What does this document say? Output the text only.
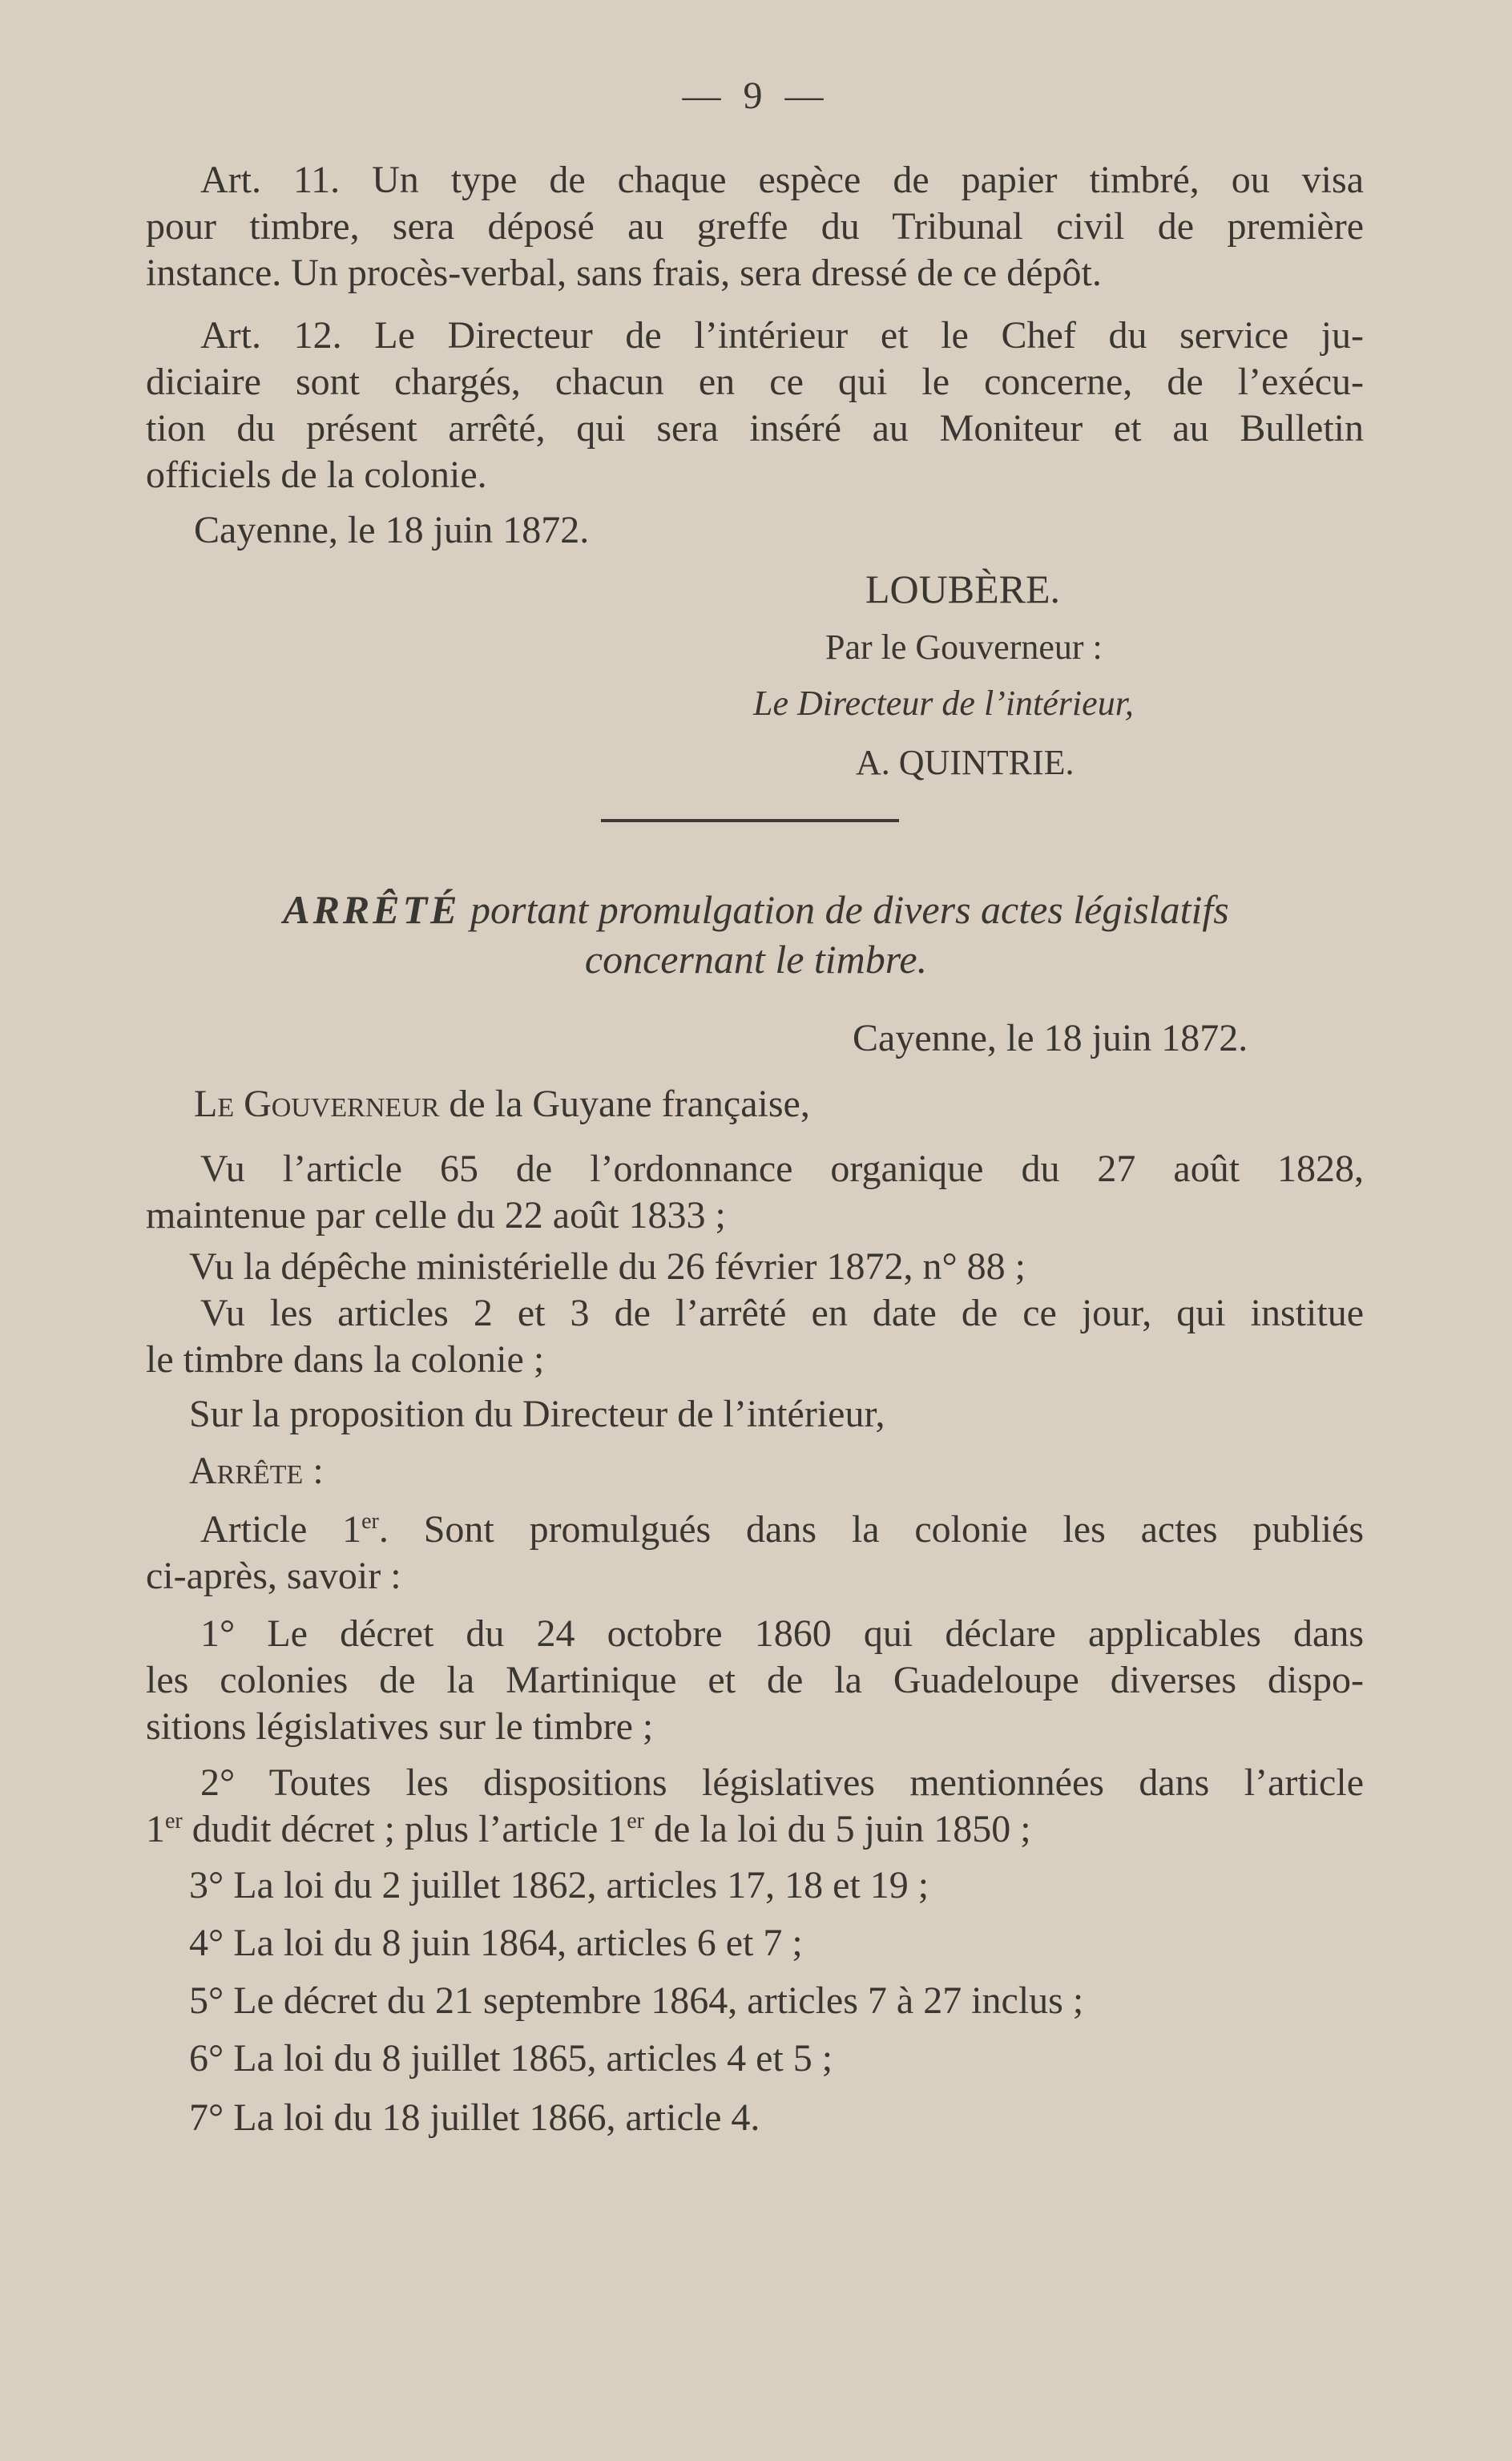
— 9 —
Art. 11. Un type de chaque espèce de papier timbré, ou visa
pour timbre, sera déposé au greffe du Tribunal civil de première
instance. Un procès-verbal, sans frais, sera dressé de ce dépôt.
Art. 12. Le Directeur de l’intérieur et le Chef du service ju-
diciaire sont chargés, chacun en ce qui le concerne, de l’exécu-
tion du présent arrêté, qui sera inséré au Moniteur et au Bulletin
officiels de la colonie.
Cayenne, le 18 juin 1872.
LOUBÈRE.
Par le Gouverneur :
Le Directeur de l’intérieur,
A. QUINTRIE.
ARRÊTÉ portant promulgation de divers actes législatifs
concernant le timbre.
Cayenne, le 18 juin 1872.
Le Gouverneur de la Guyane française,
Vu l’article 65 de l’ordonnance organique du 27 août 1828,
maintenue par celle du 22 août 1833 ;
Vu la dépêche ministérielle du 26 février 1872, n° 88 ;
Vu les articles 2 et 3 de l’arrêté en date de ce jour, qui institue
le timbre dans la colonie ;
Sur la proposition du Directeur de l’intérieur,
Arrête :
Article 1er. Sont promulgués dans la colonie les actes publiés
ci-après, savoir :
1° Le décret du 24 octobre 1860 qui déclare applicables dans
les colonies de la Martinique et de la Guadeloupe diverses dispo-
sitions législatives sur le timbre ;
2° Toutes les dispositions législatives mentionnées dans l’article
1er dudit décret ; plus l’article 1er de la loi du 5 juin 1850 ;
3° La loi du 2 juillet 1862, articles 17, 18 et 19 ;
4° La loi du 8 juin 1864, articles 6 et 7 ;
5° Le décret du 21 septembre 1864, articles 7 à 27 inclus ;
6° La loi du 8 juillet 1865, articles 4 et 5 ;
7° La loi du 18 juillet 1866, article 4.
